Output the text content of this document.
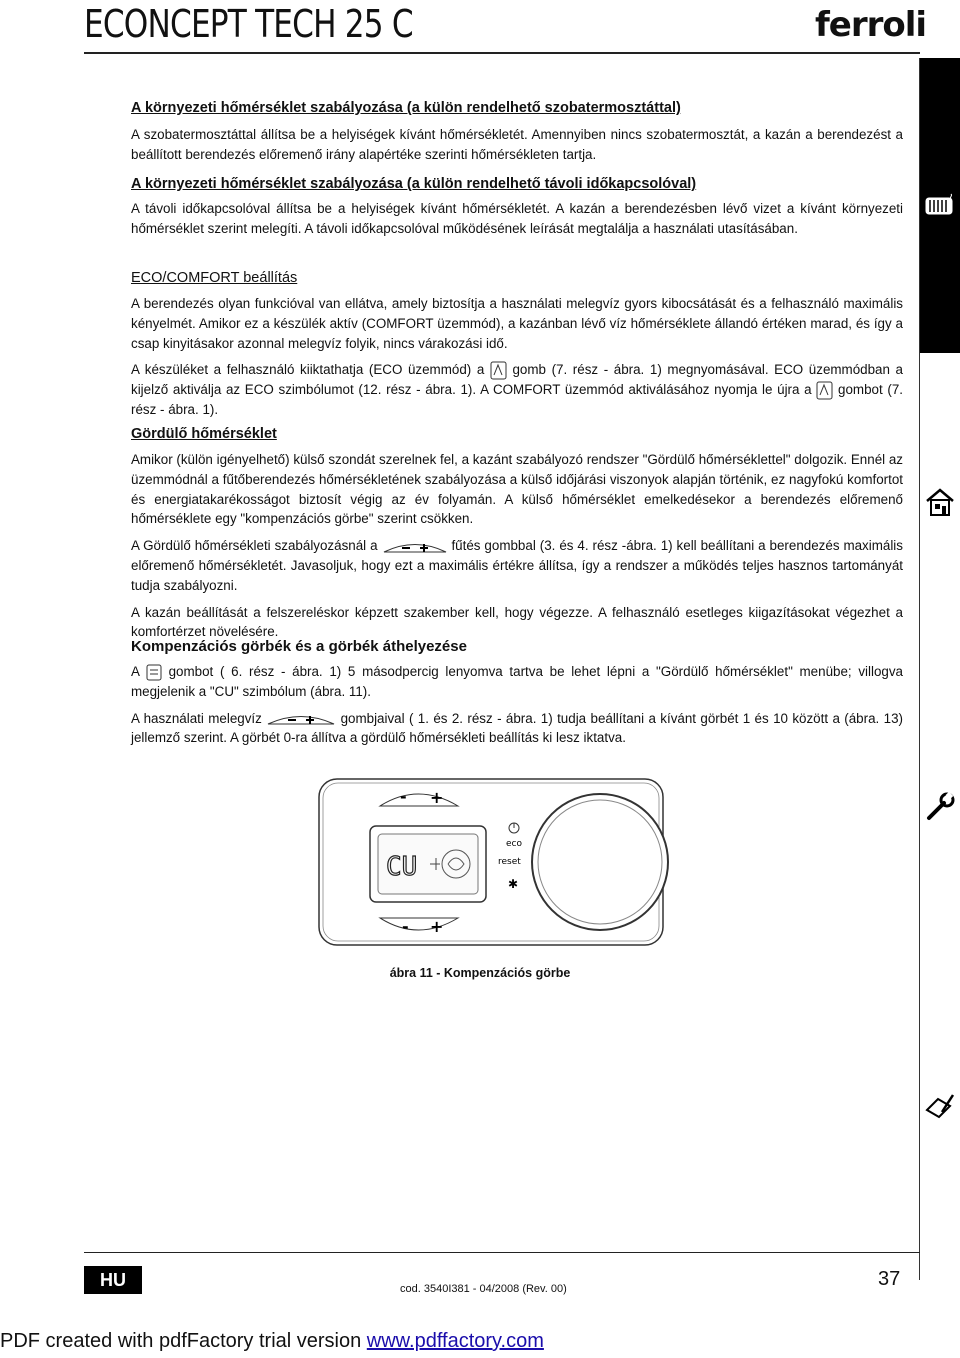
ECONCEPT TECH 25 C	ferroli
A környezeti hőmérséklet szabályozása (a külön rendelhető szobatermosztáttal)

A szobatermosztáttal állítsa be a helyiségek kívánt hőmérsékletét. Amennyiben nincs szobatermosztát, a kazán a berendezést a beállított berendezés előremenő irány alapértéke szerinti hőmérsékleten tartja.

A környezeti hőmérséklet szabályozása (a külön rendelhető távoli időkapcsolóval)

A távoli időkapcsolóval állítsa be a helyiségek kívánt hőmérsékletét. A kazán a berendezésben lévő vizet a kívánt környezeti hőmérséklet szerint melegíti. A távoli időkapcsolóval működésének leírását megtalálja a használati utasításában.

ECO/COMFORT beállítás

A berendezés olyan funkcióval van ellátva, amely biztosítja a használati melegvíz gyors kibocsátását és a felhasználó maximális kényelmét. Amikor ez a készülék aktív (COMFORT üzemmód), a kazánban lévő víz hőmérséklete állandó értéken marad, és így a csap kinyitásakor azonnal melegvíz folyik, nincs várakozási idő.

A készüléket a felhasználó kiiktathatja (ECO üzemmód) a gomb (7. rész - ábra. 1) megnyomásával. ECO üzemmódban a kijelző aktiválja az ECO szimbólumot (12. rész - ábra. 1). A COMFORT üzemmód aktiválásához nyomja le újra a gombot (7. rész - ábra. 1).

Gördülő hőmérséklet

Amikor (külön igényelhető) külső szondát szerelnek fel, a kazánt szabályozó rendszer "Gördülő hőmérséklettel" dolgozik. Ennél az üzemmódnál a fűtőberendezés hőmérsékletének szabályozása a külső időjárási viszonyok alapján történik, ez nagyfokú komfortot és energiatakarékosságot biztosít végig az év folyamán. A külső hőmérséklet emelkedésekor a berendezés előremenő hőmérséklete egy "kompenzációs görbe" szerint csökken.

A Gördülő hőmérsékleti szabályozásnál a	fűtés gombbal (3. és 4. rész -ábra. 1) kell beállítani a berendezés maximális előremenő hőmérsékletét. Javasoljuk, hogy ezt a maximális értékre állítsa, így a rendszer a működés teljes hasznos tartományát tudja szabályozni.

A kazán beállítását a felszereléskor képzett szakember kell, hogy végezze. A felhasználó esetleges kiigazításokat végezhet a komfortérzet növelésére.

Kompenzációs görbék és a görbék áthelyezése

A gombot ( 6. rész - ábra. 1) 5 másodpercig lenyomva tartva be lehet lépni a "Gördülő hőmérséklet" menübe; villogva megjelenik a "CU" szimbólum (ábra. 11).

A használati melegvíz	gombjaival ( 1. és 2. rész - ábra. 1) tudja beállítani a kívánt görbét 1 és 10 között a (ábra. 13) jellemző szerint. A görbét 0-ra állítva a gördülő hőmérsékleti beállítás ki lesz iktatva.

- +
CU
- +
eco
reset
✱
ábra 11 - Kompenzációs görbe
HU	cod. 3540I381 - 04/2008 (Rev. 00)	37
PDF created with pdfFactory trial version www.pdffactory.com
